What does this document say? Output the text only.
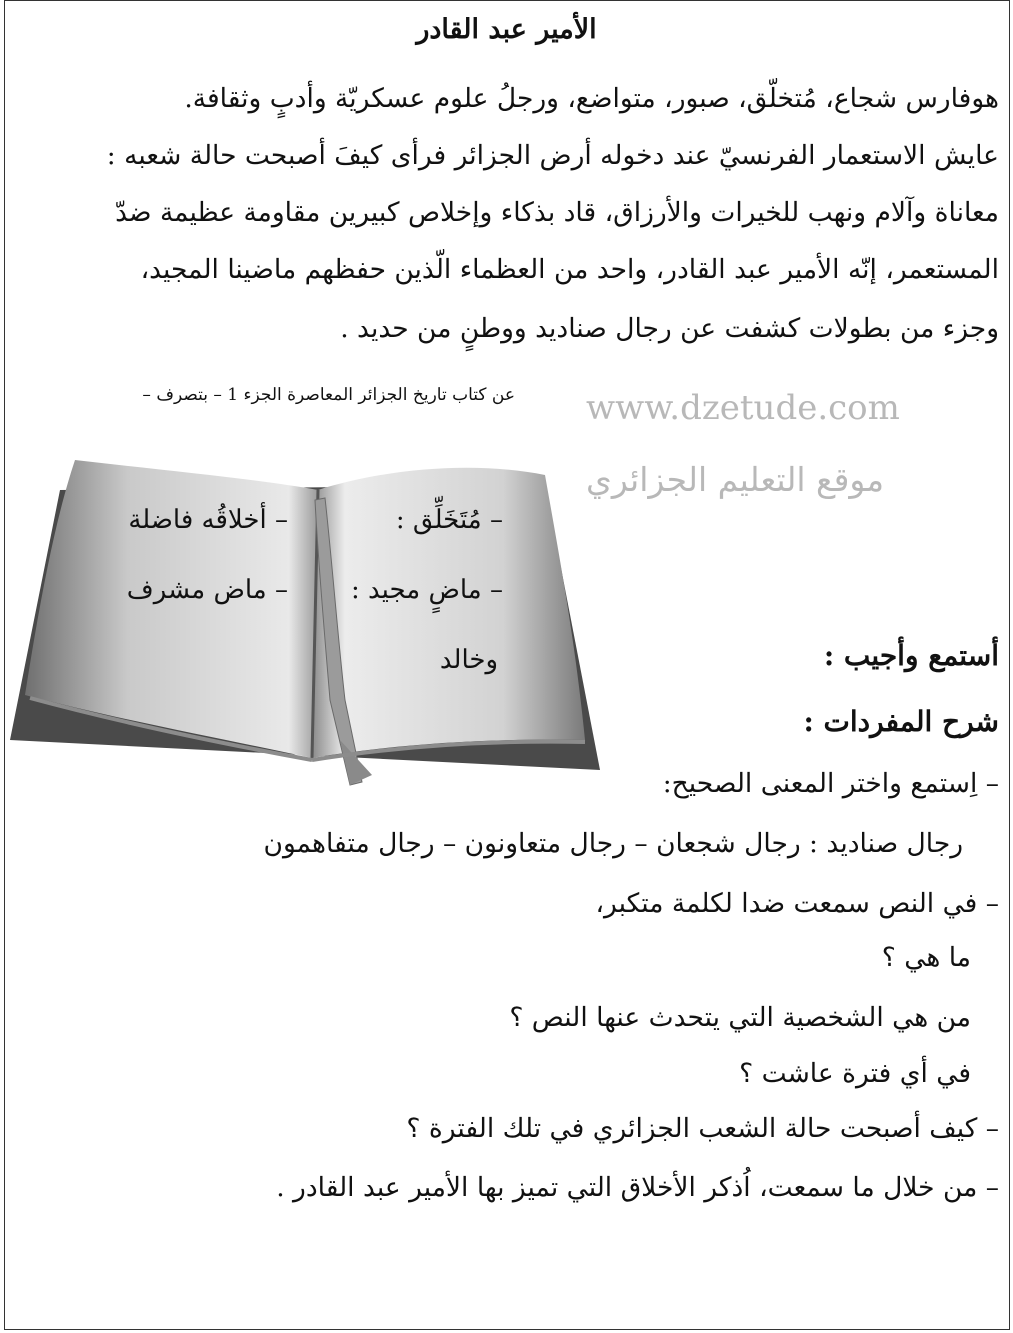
الأمير عبد القادر
هوفارس شجاع، مُتخلّق، صبور، متواضع، ورجلُ علوم عسكريّة وأدبٍ وثقافة.
عايش الاستعمار الفرنسيّ عند دخوله أرض الجزائر فرأى كيفَ أصبحت حالة شعبه :
معاناة وآلام ونهب للخيرات والأرزاق، قاد بذكاء وإخلاص كبيرين مقاومة عظيمة ضدّ
المستعمر، إنّه الأمير عبد القادر، واحد من العظماء الّذين حفظهم ماضينا المجيد،
وجزء من بطولات كشفت عن رجال صناديد ووطنٍ من حديد .
عن كتاب تاريخ الجزائر المعاصرة الجزء 1 – بتصرف – www.dzetude.com
موقع التعليم الجزائري
– مُتَخَلِّق :
– أخلاقُه فاضلة
– ماضٍ مجيد :
– ماض مشرف
وخالد	أستمع وأجيب :
شرح المفردات :
– اِستمع واختر المعنى الصحيح:
رجال صناديد : رجال شجعان – رجال متعاونون – رجال متفاهمون
– في النص سمعت ضدا لكلمة متكبر،
ما هي ؟
من هي الشخصية التي يتحدث عنها النص ؟
في أي فترة عاشت ؟
– كيف أصبحت حالة الشعب الجزائري في تلك الفترة ؟
– من خلال ما سمعت، اُذكر الأخلاق التي تميز بها الأمير عبد القادر .
